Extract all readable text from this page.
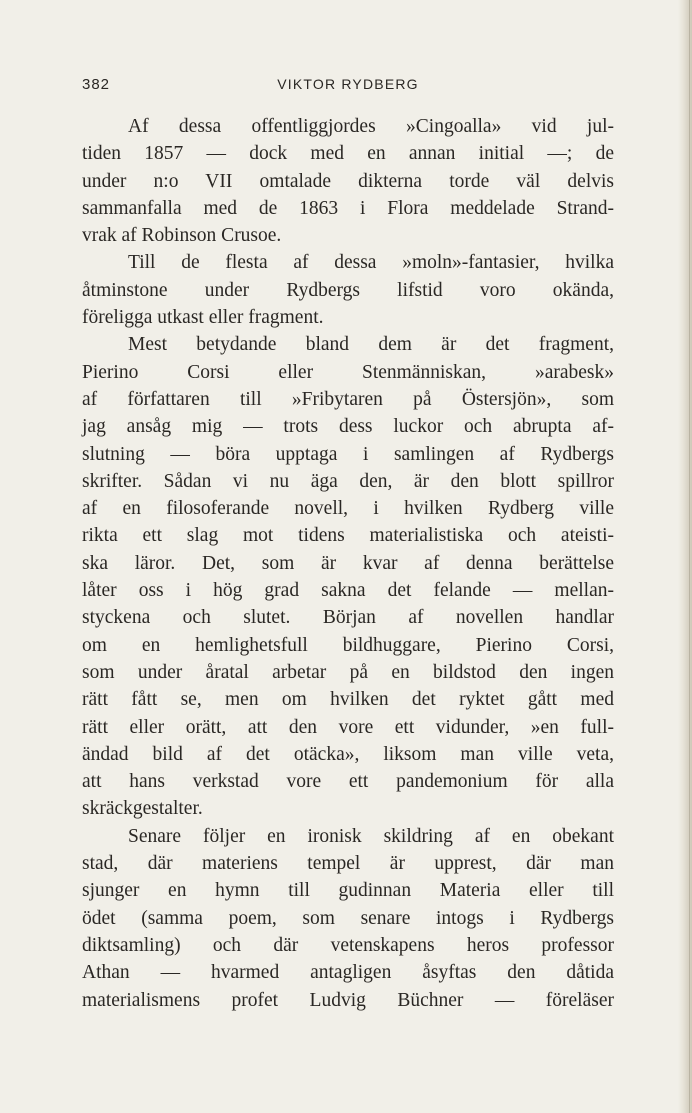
382	VIKTOR RYDBERG
Af dessa offentliggjordes »Cingoalla» vid jul-
tiden 1857 — dock med en annan initial —; de
under n:o VII omtalade dikterna torde väl delvis
sammanfalla med de 1863 i Flora meddelade Strand-
vrak af Robinson Crusoe.
Till de flesta af dessa »moln»-fantasier, hvilka
åtminstone under Rydbergs lifstid voro okända,
föreligga utkast eller fragment.
Mest betydande bland dem är det fragment,
Pierino Corsi eller Stenmänniskan, »arabesk»
af författaren till »Fribytaren på Östersjön», som
jag ansåg mig — trots dess luckor och abrupta af-
slutning — böra upptaga i samlingen af Rydbergs
skrifter. Sådan vi nu äga den, är den blott spillror
af en filosoferande novell, i hvilken Rydberg ville
rikta ett slag mot tidens materialistiska och ateisti-
ska läror. Det, som är kvar af denna berättelse
låter oss i hög grad sakna det felande — mellan-
styckena och slutet. Början af novellen handlar
om en hemlighetsfull bildhuggare, Pierino Corsi,
som under åratal arbetar på en bildstod den ingen
rätt fått se, men om hvilken det ryktet gått med
rätt eller orätt, att den vore ett vidunder, »en full-
ändad bild af det otäcka», liksom man ville veta,
att hans verkstad vore ett pandemonium för alla
skräckgestalter.
Senare följer en ironisk skildring af en obekant
stad, där materiens tempel är upprest, där man
sjunger en hymn till gudinnan Materia eller till
ödet (samma poem, som senare intogs i Rydbergs
diktsamling) och där vetenskapens heros professor
Athan — hvarmed antagligen åsyftas den dåtida
materialismens profet Ludvig Büchner — föreläser
